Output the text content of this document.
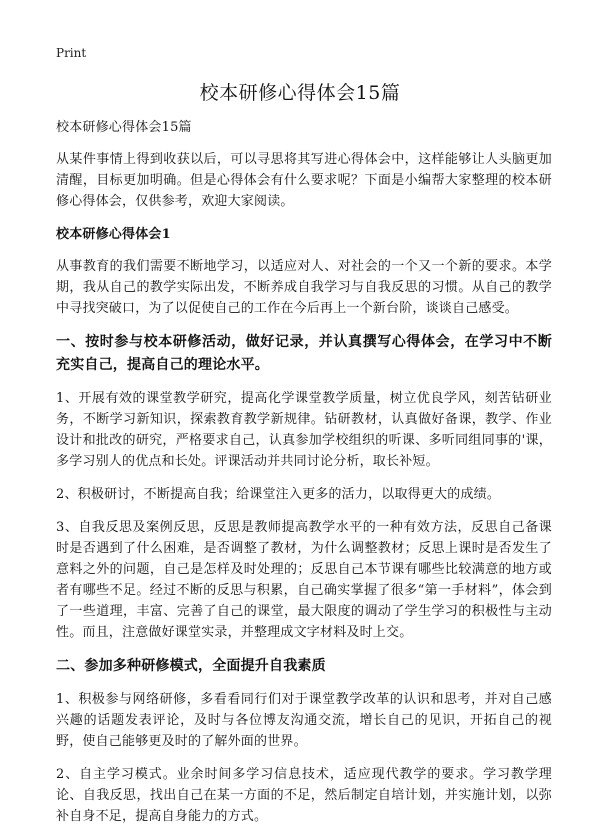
Print
校本研修心得体会15篇

校本研修心得体会15篇

从某件事情上得到收获以后，可以寻思将其写进心得体会中，这样能够让人头脑更加清醒，目标更加明确。但是心得体会有什么要求呢？下面是小编帮大家整理的校本研修心得体会，仅供参考，欢迎大家阅读。

校本研修心得体会1

从事教育的我们需要不断地学习，以适应对人、对社会的一个又一个新的要求。本学期，我从自己的教学实际出发，不断养成自我学习与自我反思的习惯。从自己的教学中寻找突破口，为了以促使自己的工作在今后再上一个新台阶，谈谈自己感受。

一、按时参与校本研修活动，做好记录，并认真撰写心得体会，在学习中不断充实自己，提高自己的理论水平。

1、开展有效的课堂教学研究，提高化学课堂教学质量，树立优良学风，刻苦钻研业务，不断学习新知识，探索教育教学新规律。钻研教材，认真做好备课，教学、作业设计和批改的研究，严格要求自己，认真参加学校组织的听课、多听同组同事的'课，多学习别人的优点和长处。评课活动并共同讨论分析，取长补短。

2、积极研讨，不断提高自我；给课堂注入更多的活力，以取得更大的成绩。

3、自我反思及案例反思，反思是教师提高教学水平的一种有效方法，反思自己备课时是否遇到了什么困难，是否调整了教材，为什么调整教材；反思上课时是否发生了意料之外的问题，自己是怎样及时处理的；反思自己本节课有哪些比较满意的地方或者有哪些不足。经过不断的反思与积累，自己确实掌握了很多“第一手材料”，体会到了一些道理，丰富、完善了自己的课堂，最大限度的调动了学生学习的积极性与主动性。而且，注意做好课堂实录，并整理成文字材料及时上交。

二、参加多种研修模式，全面提升自我素质

1、积极参与网络研修，多看看同行们对于课堂教学改革的认识和思考，并对自己感兴趣的话题发表评论，及时与各位博友沟通交流，增长自己的见识，开拓自己的视野，使自己能够更及时的了解外面的世界。

2、自主学习模式。业余时间多学习信息技术，适应现代教学的要求。学习教学理论、自我反思，找出自己在某一方面的不足，然后制定自培计划，并实施计划，以弥补自身不足，提高自身能力的方式。
